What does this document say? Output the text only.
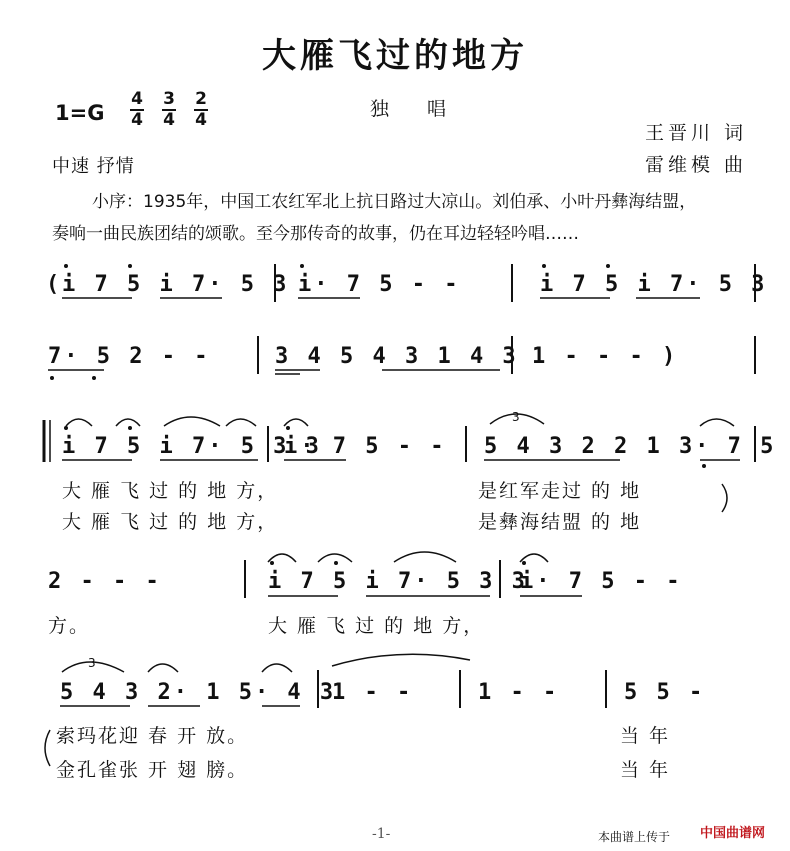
大雁飞过的地方
1=G
4
4
3
4
2
4	独 唱
王晋川 词
雷维模 曲
中速 抒情
小序：1935年，中国工农红军北上抗日路过大凉山。刘伯承、小叶丹彝海结盟，
奏响一曲民族团结的颂歌。至今那传奇的故事，仍在耳边轻轻吟唱……
( i 7 5 i 7· 5 3 i· 7 5 - -	i 7 5 i 7· 5 3
7· 5 2 - -	3 4 5 4 3 1 4 3 1 - - - )
i 7 5 i 7· 5 3 3
i· 7 5 - - 5 4 3 2 2 1 3· 7 5
3
大 雁 飞 过 的 地 方，	是红军走过 的 地
大 雁 飞 过 的 地 方，	是彝海结盟 的 地
2 - - -	i 7 5 i 7· 5 3 3
i· 7 5 - -
方。	大 雁 飞 过 的 地 方，
5 4 3 2· 1 5· 4 3
1 - -	1 - -	5 5 -
3
索玛花迎 春 开 放。	当 年
金孔雀张 开 翅 膀。	当 年
-1-	本曲谱上传于 中国曲谱网
